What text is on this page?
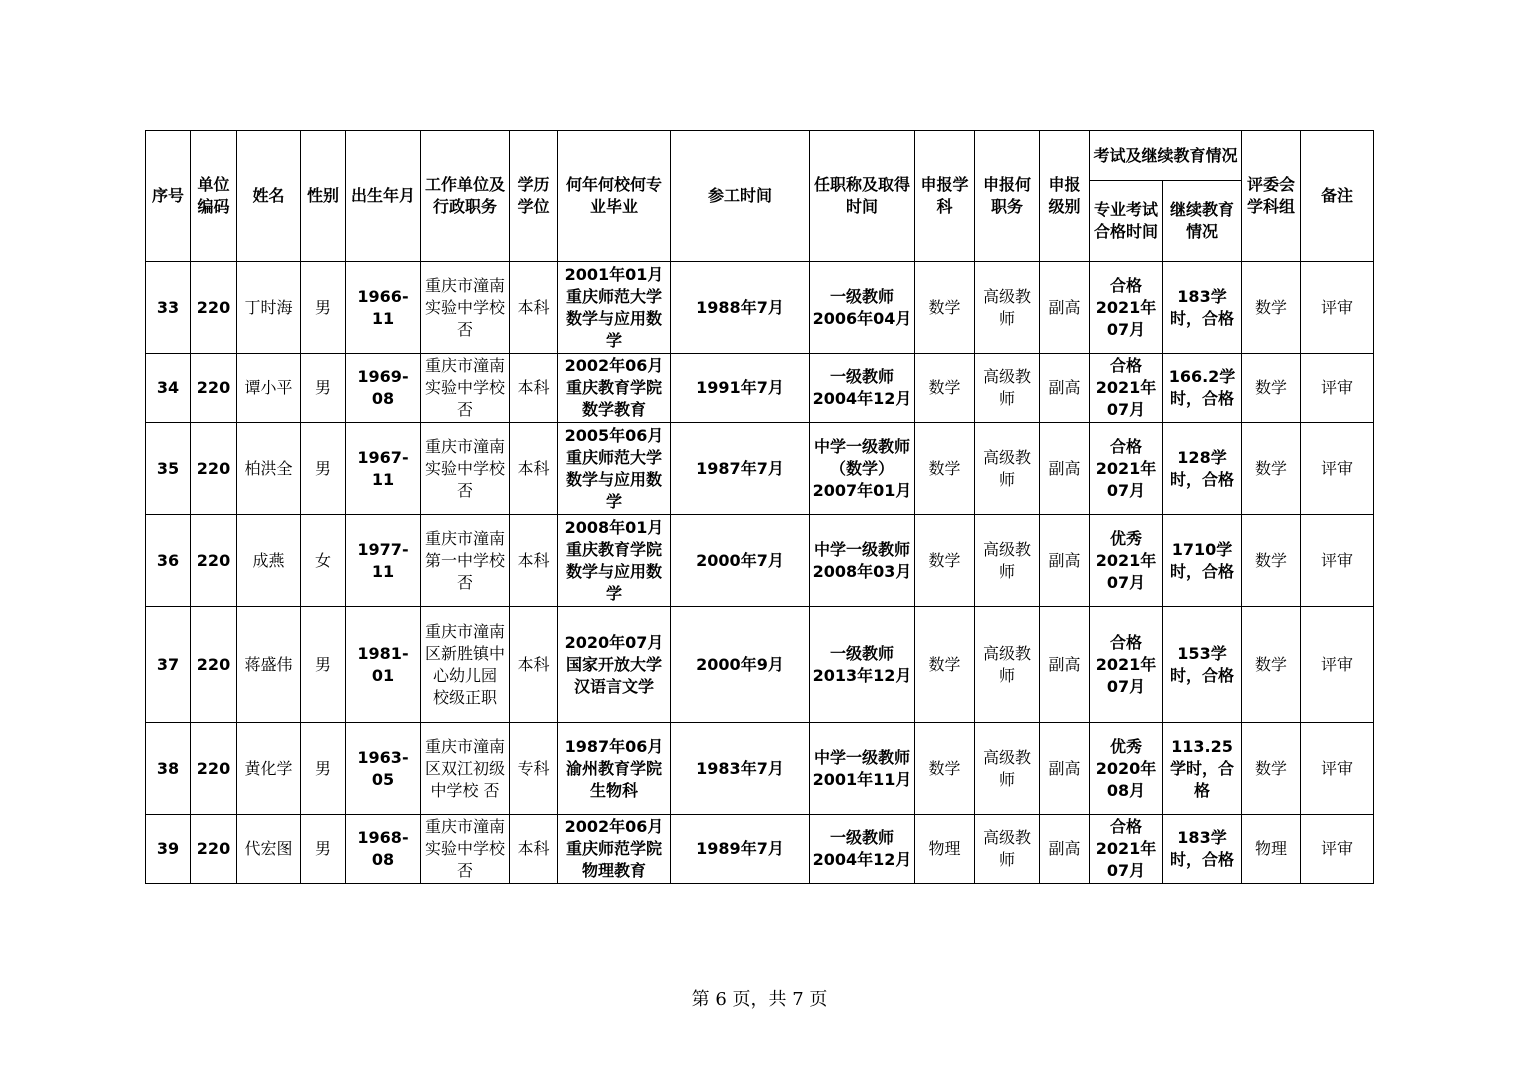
序号	单位编码	姓名	性别	出生年月	工作单位及行政职务	学历学位	何年何校何专业毕业	参工时间	任职称及取得时间	申报学科	申报何职务	申报级别	考试及继续教育情况		评委会学科组	备注
													专业考试合格时间	继续教育情况		
33	220	丁时海	男	1966-11	重庆市潼南实验中学校 否	本科	2001年01月重庆师范大学数学与应用数学	1988年7月	一级教师2006年04月	数学	高级教师	副高	合格2021年07月	183学时，合格	数学	评审
34	220	谭小平	男	1969-08	重庆市潼南实验中学校 否	本科	2002年06月重庆教育学院数学教育	1991年7月	一级教师2004年12月	数学	高级教师	副高	合格2021年07月	166.2学时，合格	数学	评审
35	220	柏洪全	男	1967-11	重庆市潼南实验中学校 否	本科	2005年06月重庆师范大学 数学与应用数学	1987年7月	中学一级教师（数学）2007年01月	数学	高级教师	副高	合格2021年07月	128学时，合格	数学	评审
36	220	成燕	女	1977-11	重庆市潼南第一中学校 否	本科	2008年01月重庆教育学院数学与应用数学	2000年7月	中学一级教师2008年03月	数学	高级教师	副高	优秀2021年07月	1710学时，合格	数学	评审
37	220	蒋盛伟	男	1981-01	重庆市潼南区新胜镇中心幼儿园 校级正职	本科	2020年07月国家开放大学汉语言文学	2000年9月	一级教师2013年12月	数学	高级教师	副高	合格2021年07月	153学时，合格	数学	评审
38	220	黄化学	男	1963-05	重庆市潼南区双江初级中学校 否	专科	1987年06月渝州教育学院生物科	1983年7月	中学一级教师2001年11月	数学	高级教师	副高	优秀2020年08月	113.25学时，合格	数学	评审
39	220	代宏图	男	1968-08	重庆市潼南实验中学校 否	本科	2002年06月重庆师范学院物理教育	1989年7月	一级教师2004年12月	物理	高级教师	副高	合格2021年07月	183学时，合格	物理	评审
第 6 页，共 7 页
